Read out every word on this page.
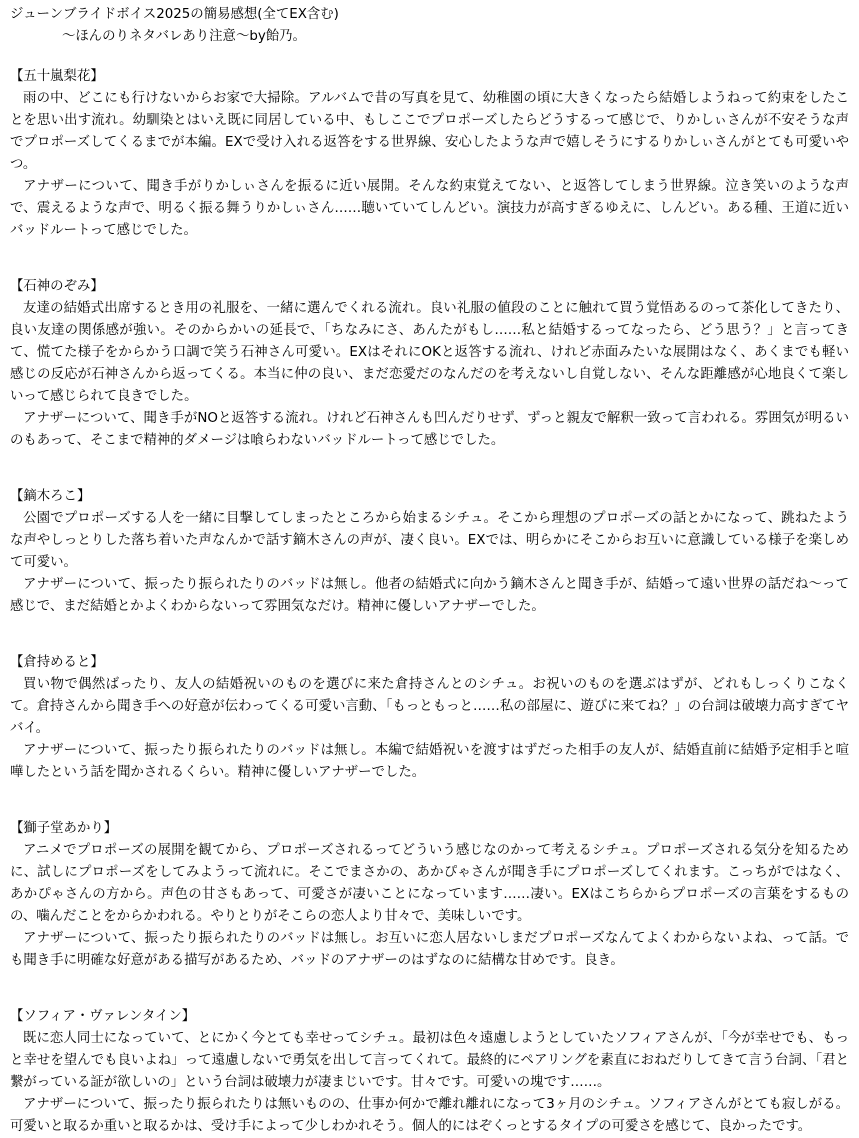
ジューンブライドボイス2025の簡易感想(全てEX含む)

～ほんのりネタバレあり注意～by飴乃。

【五十嵐梨花】

雨の中、どこにも行けないからお家で大掃除。アルバムで昔の写真を見て、幼稚園の頃に大きくなったら結婚しようねって約束をしたことを思い出す流れ。幼馴染とはいえ既に同居している中、もしここでプロポーズしたらどうするって感じで、りかしぃさんが不安そうな声でプロポーズしてくるまでが本編。EXで受け入れる返答をする世界線、安心したような声で嬉しそうにするりかしぃさんがとても可愛いやつ。

アナザーについて、聞き手がりかしぃさんを振るに近い展開。そんな約束覚えてない、と返答してしまう世界線。泣き笑いのような声で、震えるような声で、明るく振る舞うりかしぃさん……聴いていてしんどい。演技力が高すぎるゆえに、しんどい。ある種、王道に近いバッドルートって感じでした。

【石神のぞみ】

友達の結婚式出席するとき用の礼服を、一緒に選んでくれる流れ。良い礼服の値段のことに触れて買う覚悟あるのって茶化してきたり、良い友達の関係感が強い。そのからかいの延長で、「ちなみにさ、あんたがもし……私と結婚するってなったら、どう思う？」と言ってきて、慌てた様子をからかう口調で笑う石神さん可愛い。EXはそれにOKと返答する流れ、けれど赤面みたいな展開はなく、あくまでも軽い感じの反応が石神さんから返ってくる。本当に仲の良い、まだ恋愛だのなんだのを考えないし自覚しない、そんな距離感が心地良くて楽しいって感じられて良きでした。

アナザーについて、聞き手がNOと返答する流れ。けれど石神さんも凹んだりせず、ずっと親友で解釈一致って言われる。雰囲気が明るいのもあって、そこまで精神的ダメージは喰らわないバッドルートって感じでした。

【鏑木ろこ】

公園でプロポーズする人を一緒に目撃してしまったところから始まるシチュ。そこから理想のプロポーズの話とかになって、跳ねたような声やしっとりした落ち着いた声なんかで話す鏑木さんの声が、凄く良い。EXでは、明らかにそこからお互いに意識している様子を楽しめて可愛い。

アナザーについて、振ったり振られたりのバッドは無し。他者の結婚式に向かう鏑木さんと聞き手が、結婚って遠い世界の話だね～って感じで、まだ結婚とかよくわからないって雰囲気なだけ。精神に優しいアナザーでした。

【倉持めると】

買い物で偶然ばったり、友人の結婚祝いのものを選びに来た倉持さんとのシチュ。お祝いのものを選ぶはずが、どれもしっくりこなくて。倉持さんから聞き手への好意が伝わってくる可愛い言動、「もっともっと……私の部屋に、遊びに来てね？」の台詞は破壊力高すぎてヤバイ。

アナザーについて、振ったり振られたりのバッドは無し。本編で結婚祝いを渡すはずだった相手の友人が、結婚直前に結婚予定相手と喧嘩したという話を聞かされるくらい。精神に優しいアナザーでした。

【獅子堂あかり】

アニメでプロポーズの展開を観てから、プロポーズされるってどういう感じなのかって考えるシチュ。プロポーズされる気分を知るために、試しにプロポーズをしてみようって流れに。そこでまさかの、あかぴゃさんが聞き手にプロポーズしてくれます。こっちがではなく、あかぴゃさんの方から。声色の甘さもあって、可愛さが凄いことになっています……凄い。EXはこちらからプロポーズの言葉をするものの、噛んだことをからかわれる。やりとりがそこらの恋人より甘々で、美味しいです。

アナザーについて、振ったり振られたりのバッドは無し。お互いに恋人居ないしまだプロポーズなんてよくわからないよね、って話。でも聞き手に明確な好意がある描写があるため、バッドのアナザーのはずなのに結構な甘めです。良き。

【ソフィア・ヴァレンタイン】

既に恋人同士になっていて、とにかく今とても幸せってシチュ。最初は色々遠慮しようとしていたソフィアさんが、「今が幸せでも、もっと幸せを望んでも良いよね」って遠慮しないで勇気を出して言ってくれて。最終的にペアリングを素直におねだりしてきて言う台詞、「君と繋がっている証が欲しいの」という台詞は破壊力が凄まじいです。甘々です。可愛いの塊です……。

アナザーについて、振ったり振られたりは無いものの、仕事か何かで離れ離れになって3ヶ月のシチュ。ソフィアさんがとても寂しがる。可愛いと取るか重いと取るかは、受け手によって少しわかれそう。個人的にはぞくっとするタイプの可愛さを感じて、良かったです。
